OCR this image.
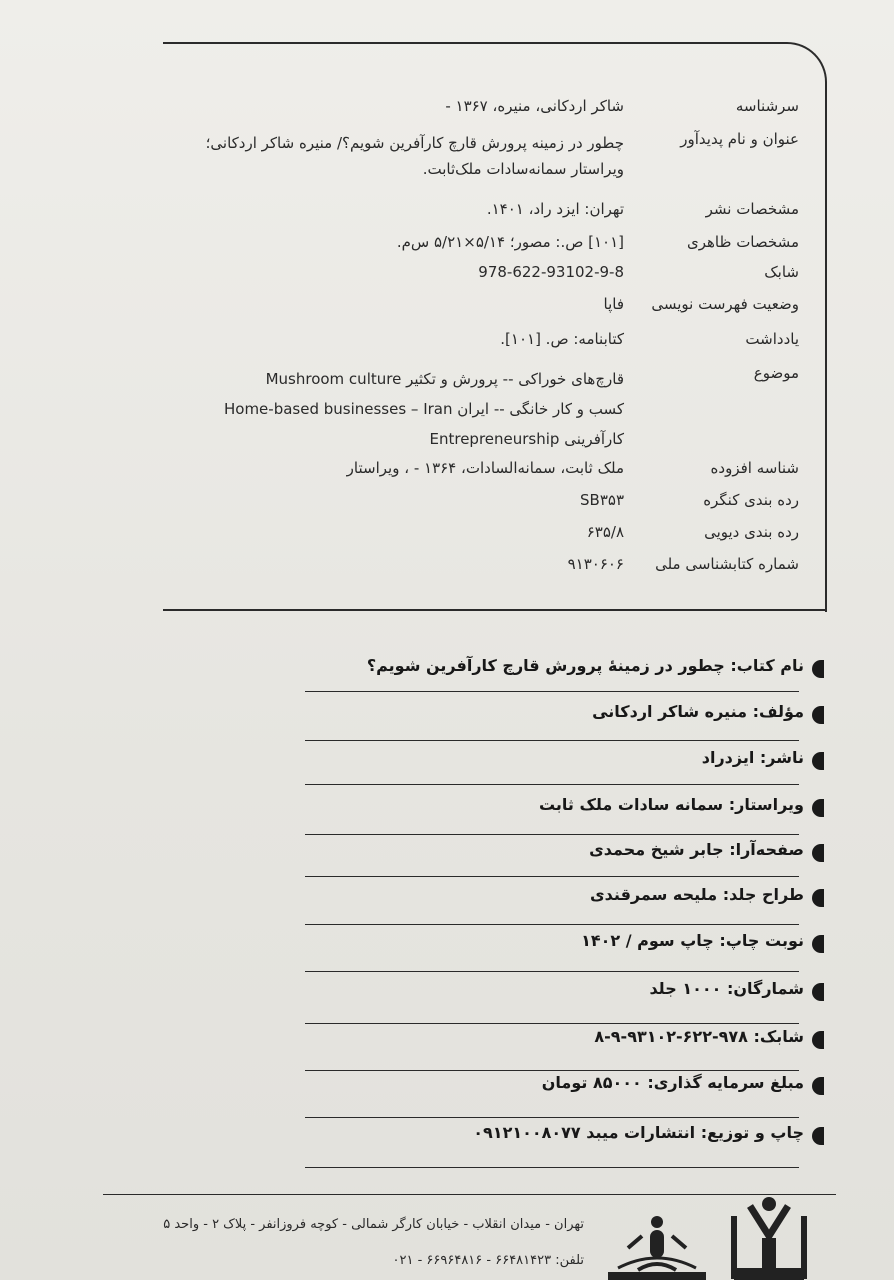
سرشناسه
شاکر اردکانی، منیره، ۱۳۶۷ -
عنوان و نام پدیدآور
چطور در زمینه پرورش قارچ کارآفرین شویم؟/ منیره شاکر اردکانی؛
ویراستار سمانه‌سادات ملک‌ثابت.
مشخصات نشر
تهران: ایزد راد، ۱۴۰۱.
مشخصات ظاهری
[۱۰۱] ص.: مصور؛ ۵/۱۴×۵/۲۱ س‌م.
شابک
978-622-93102-9-8
وضعیت فهرست نویسی
فاپا
یادداشت
کتابنامه: ص. [۱۰۱].
موضوع
قارچ‌های خوراکی -- پرورش و تکثیر Mushroom culture
کسب و کار خانگی -- ایران Home-based businesses – Iran
کارآفرینی Entrepreneurship
شناسه افزوده
ملک ثابت، سمانه‌السادات، ۱۳۶۴ - ، ویراستار
رده بندی کنگره
SB۳۵۳
رده بندی دیویی
۶۳۵/۸
شماره کتابشناسی ملی
۹۱۳۰۶۰۶
نام کتاب: چطور در زمینهٔ پرورش قارچ کارآفرین شویم؟
مؤلف: منیره شاکر اردکانی
ناشر: ایزدراد
ویراستار: سمانه سادات ملک ثابت
صفحه‌آرا: جابر شیخ محمدی
طراح جلد: ملیحه سمرقندی
نوبت چاپ: چاپ سوم / ۱۴۰۲
شمارگان: ۱۰۰۰ جلد
شابک: ۹۷۸-۶۲۲-۹۳۱۰۲-۹-۸
مبلغ سرمایه گذاری: ۸۵۰۰۰ تومان
چاپ و توزیع: انتشارات میبد ۰۹۱۲۱۰۰۸۰۷۷
تهران - میدان انقلاب - خیابان کارگر شمالی - کوچه فروزانفر - پلاک ۲ - واحد ۵
تلفن: ۶۶۴۸۱۴۲۳ - ۶۶۹۶۴۸۱۶ - ۰۲۱
